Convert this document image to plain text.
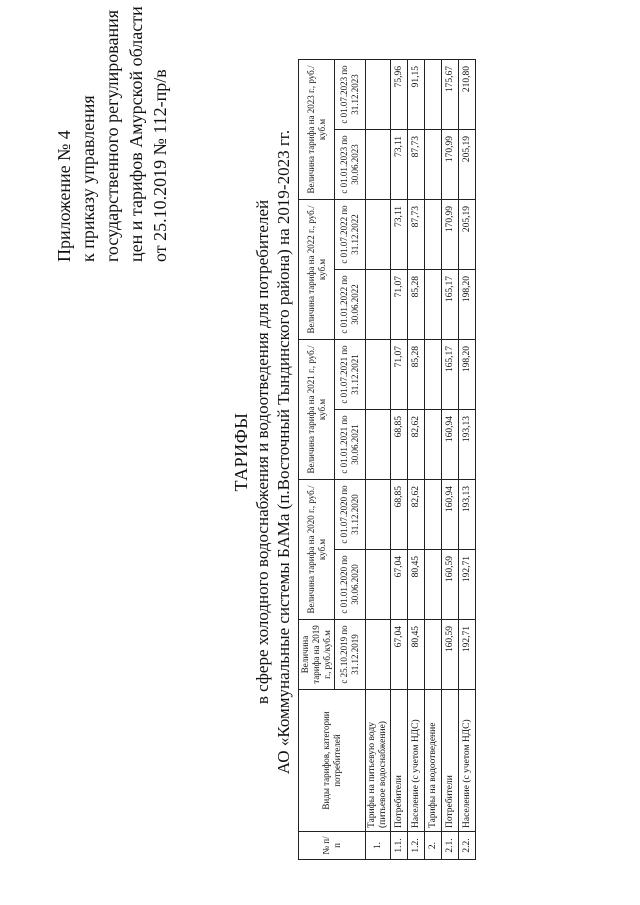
Приложение № 4 к приказу управления государственного регулирования цен и тарифов Амурской области от 25.10.2019 № 112-пр/в
ТАРИФЫ в сфере холодного водоснабжения и водоотведения для потребителей АО «Коммунальные системы БАМа (п.Восточный Тындинского района) на 2019-2023 гг.
№ п/п	Виды тарифов, категории потребителей	Величина тарифа на 2019 г., руб./куб.м	Величина тарифа на 2020 г., руб./куб.м		Величина тарифа на 2021 г., руб./куб.м		Величина тарифа на 2022 г., руб./куб.м		Величина тарифа на 2023 г., руб./куб.м	
		с 25.10.2019 по 31.12.2019	с 01.01.2020 по 30.06.2020	с 01.07.2020 по 31.12.2020	с 01.01.2021 по 30.06.2021	с 01.07.2021 по 31.12.2021	с 01.01.2022 по 30.06.2022	с 01.07.2022 по 31.12.2022	с 01.01.2023 по 30.06.2023	с 01.07.2023 по 31.12.2023
1.	Тарифы на питьевую воду (питьевое водоснабжение)									
1.1.	Потребители	67,04	67,04	68,85	68,85	71,07	71,07	73,11	73,11	75,96
1.2.	Население (с учетом НДС)	80,45	80,45	82,62	82,62	85,28	85,28	87,73	87,73	91,15
2.	Тарифы на водоотведение									
2.1.	Потребители	160,59	160,59	160,94	160,94	165,17	165,17	170,99	170,99	175,67
2.2.	Население (с учетом НДС)	192,71	192,71	193,13	193,13	198,20	198,20	205,19	205,19	210,80
